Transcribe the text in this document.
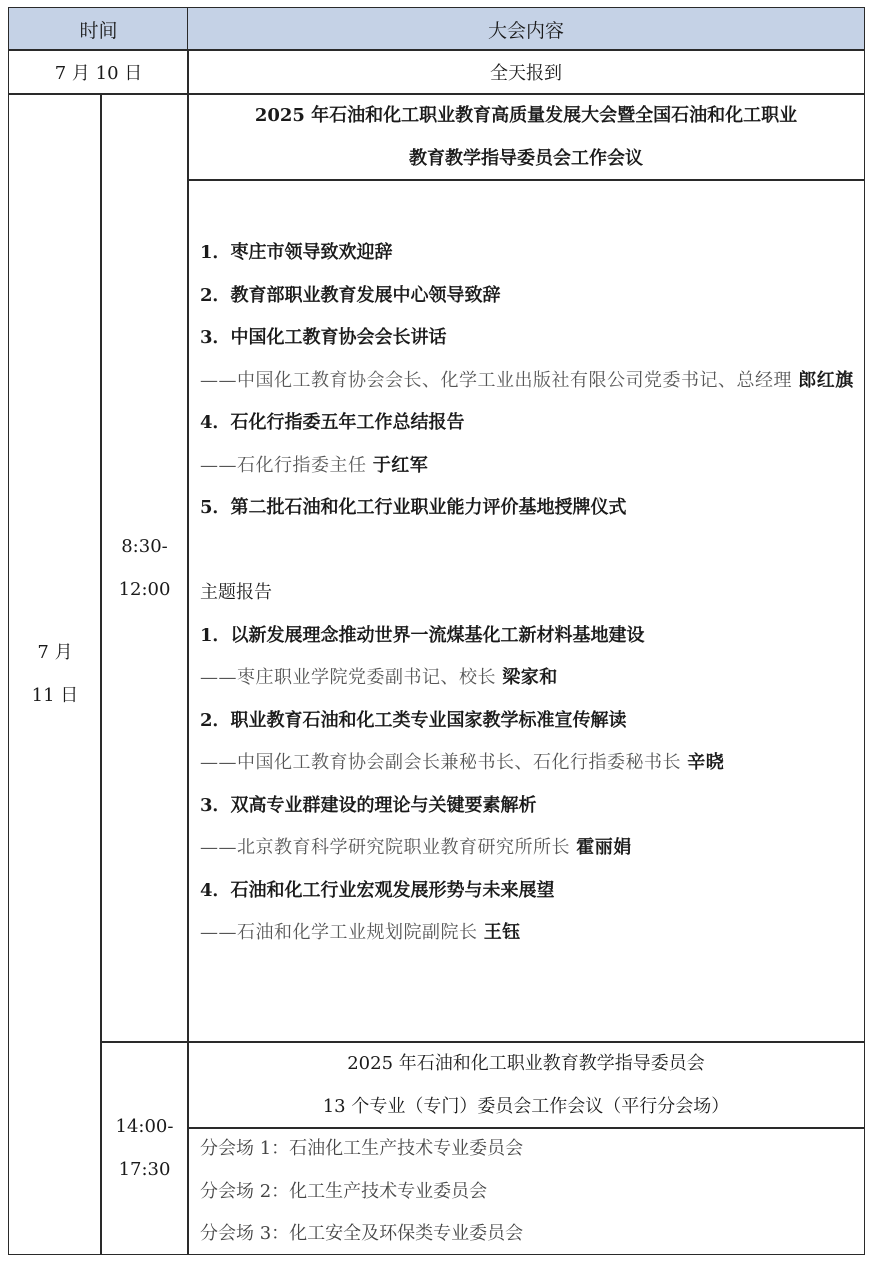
时间	大会内容
7 月 10 日	全天报到
7 月
11 日
8:30-
12:00
2025 年石油和化工职业教育高质量发展大会暨全国石油和化工职业
教育教学指导委员会工作会议
1．枣庄市领导致欢迎辞
2．教育部职业教育发展中心领导致辞
3．中国化工教育协会会长讲话
——中国化工教育协会会长、化学工业出版社有限公司党委书记、总经理 郎红旗
4．石化行指委五年工作总结报告
——石化行指委主任 于红军
5．第二批石油和化工行业职业能力评价基地授牌仪式
主题报告
1．以新发展理念推动世界一流煤基化工新材料基地建设
——枣庄职业学院党委副书记、校长 梁家和
2．职业教育石油和化工类专业国家教学标准宣传解读
——中国化工教育协会副会长兼秘书长、石化行指委秘书长 辛晓
3．双高专业群建设的理论与关键要素解析
——北京教育科学研究院职业教育研究所所长 霍丽娟
4．石油和化工行业宏观发展形势与未来展望
——石油和化学工业规划院副院长 王钰
14:00-
17:30
2025 年石油和化工职业教育教学指导委员会
13 个专业（专门）委员会工作会议（平行分会场）
分会场 1：石油化工生产技术专业委员会
分会场 2：化工生产技术专业委员会
分会场 3：化工安全及环保类专业委员会
